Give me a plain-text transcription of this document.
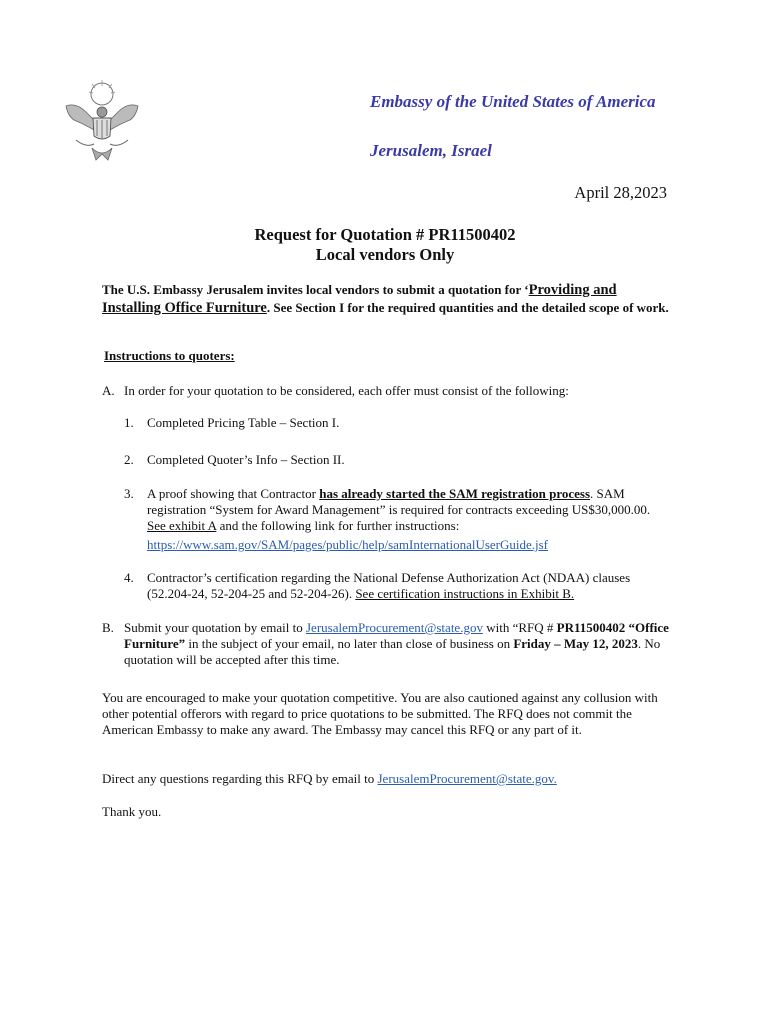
Embassy of the United States of America
Jerusalem, Israel
April 28,2023
Request for Quotation # PR11500402
Local vendors Only
The U.S. Embassy Jerusalem invites local vendors to submit a quotation for ‘Providing and Installing Office Furniture. See Section I for the required quantities and the detailed scope of work.
Instructions to quoters:
A. In order for your quotation to be considered, each offer must consist of the following:
1. Completed Pricing Table – Section I.
2. Completed Quoter’s Info – Section II.
3. A proof showing that Contractor has already started the SAM registration process. SAM registration “System for Award Management” is required for contracts exceeding US$30,000.00. See exhibit A and the following link for further instructions:
https://www.sam.gov/SAM/pages/public/help/samInternationalUserGuide.jsf
4. Contractor’s certification regarding the National Defense Authorization Act (NDAA) clauses (52.204-24, 52-204-25 and 52-204-26). See certification instructions in Exhibit B.
B. Submit your quotation by email to JerusalemProcurement@state.gov with “RFQ # PR11500402 “Office Furniture” in the subject of your email, no later than close of business on Friday – May 12, 2023. No quotation will be accepted after this time.
You are encouraged to make your quotation competitive. You are also cautioned against any collusion with other potential offerors with regard to price quotations to be submitted. The RFQ does not commit the American Embassy to make any award. The Embassy may cancel this RFQ or any part of it.
Direct any questions regarding this RFQ by email to JerusalemProcurement@state.gov.
Thank you.
